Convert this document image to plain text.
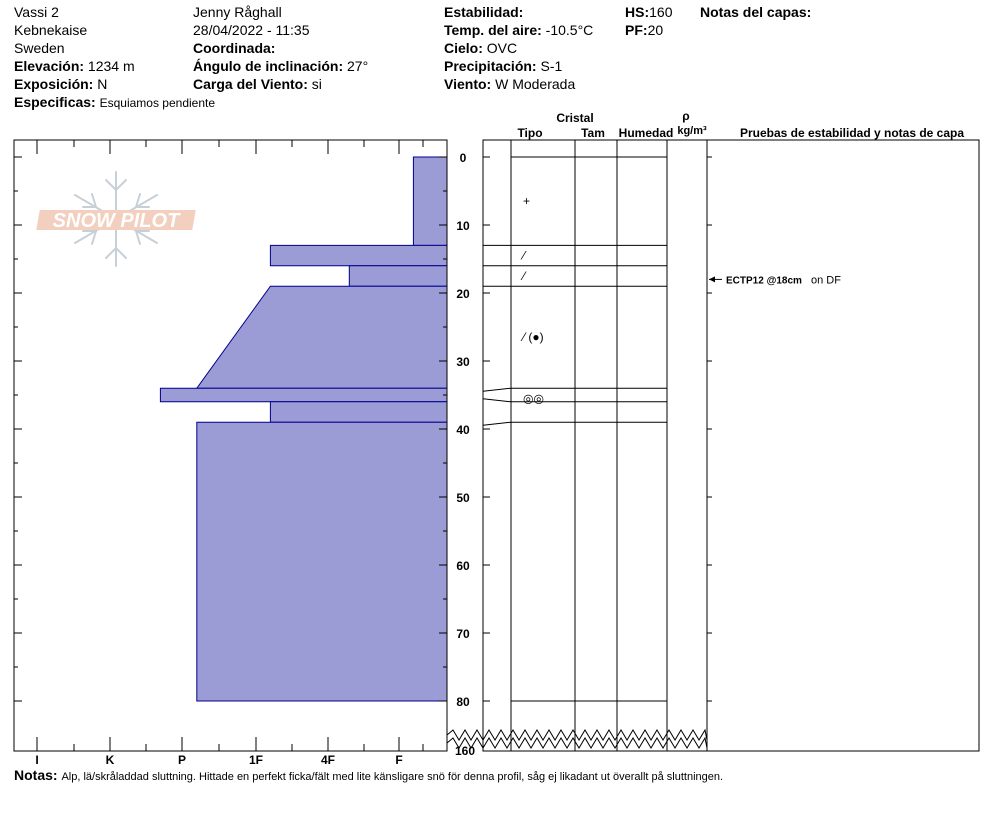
Vassi 2
Kebnekaise
Sweden
Elevación: 1234 m
Exposición: N
Especificas: Esquiamos pendiente
Jenny Råghall
28/04/2022 - 11:35
Coordinada:
Ángulo de inclinación: 27°
Carga del Viento: si
Estabilidad:
Temp. del aire: -10.5°C
Cielo: OVC
Precipitación: S-1
Viento: W Moderada
HS:160
PF:20
Notas del capas:
Cristal
Tipo	Tam Humedad
ρ
kg/m³	Pruebas de estabilidad y notas de capa
SNOW PILOT
0
10
20
30
40
50
60
70
80
160
I	K	P	1F	4F	F
+
⁄
⁄
⁄ (●)
◎◎
ECTP12 @18cm on DF
Notas: Alp, lä/skråladdad sluttning. Hittade en perfekt ficka/fält med lite känsligare snö för denna profil, såg ej likadant ut överallt på sluttningen.
